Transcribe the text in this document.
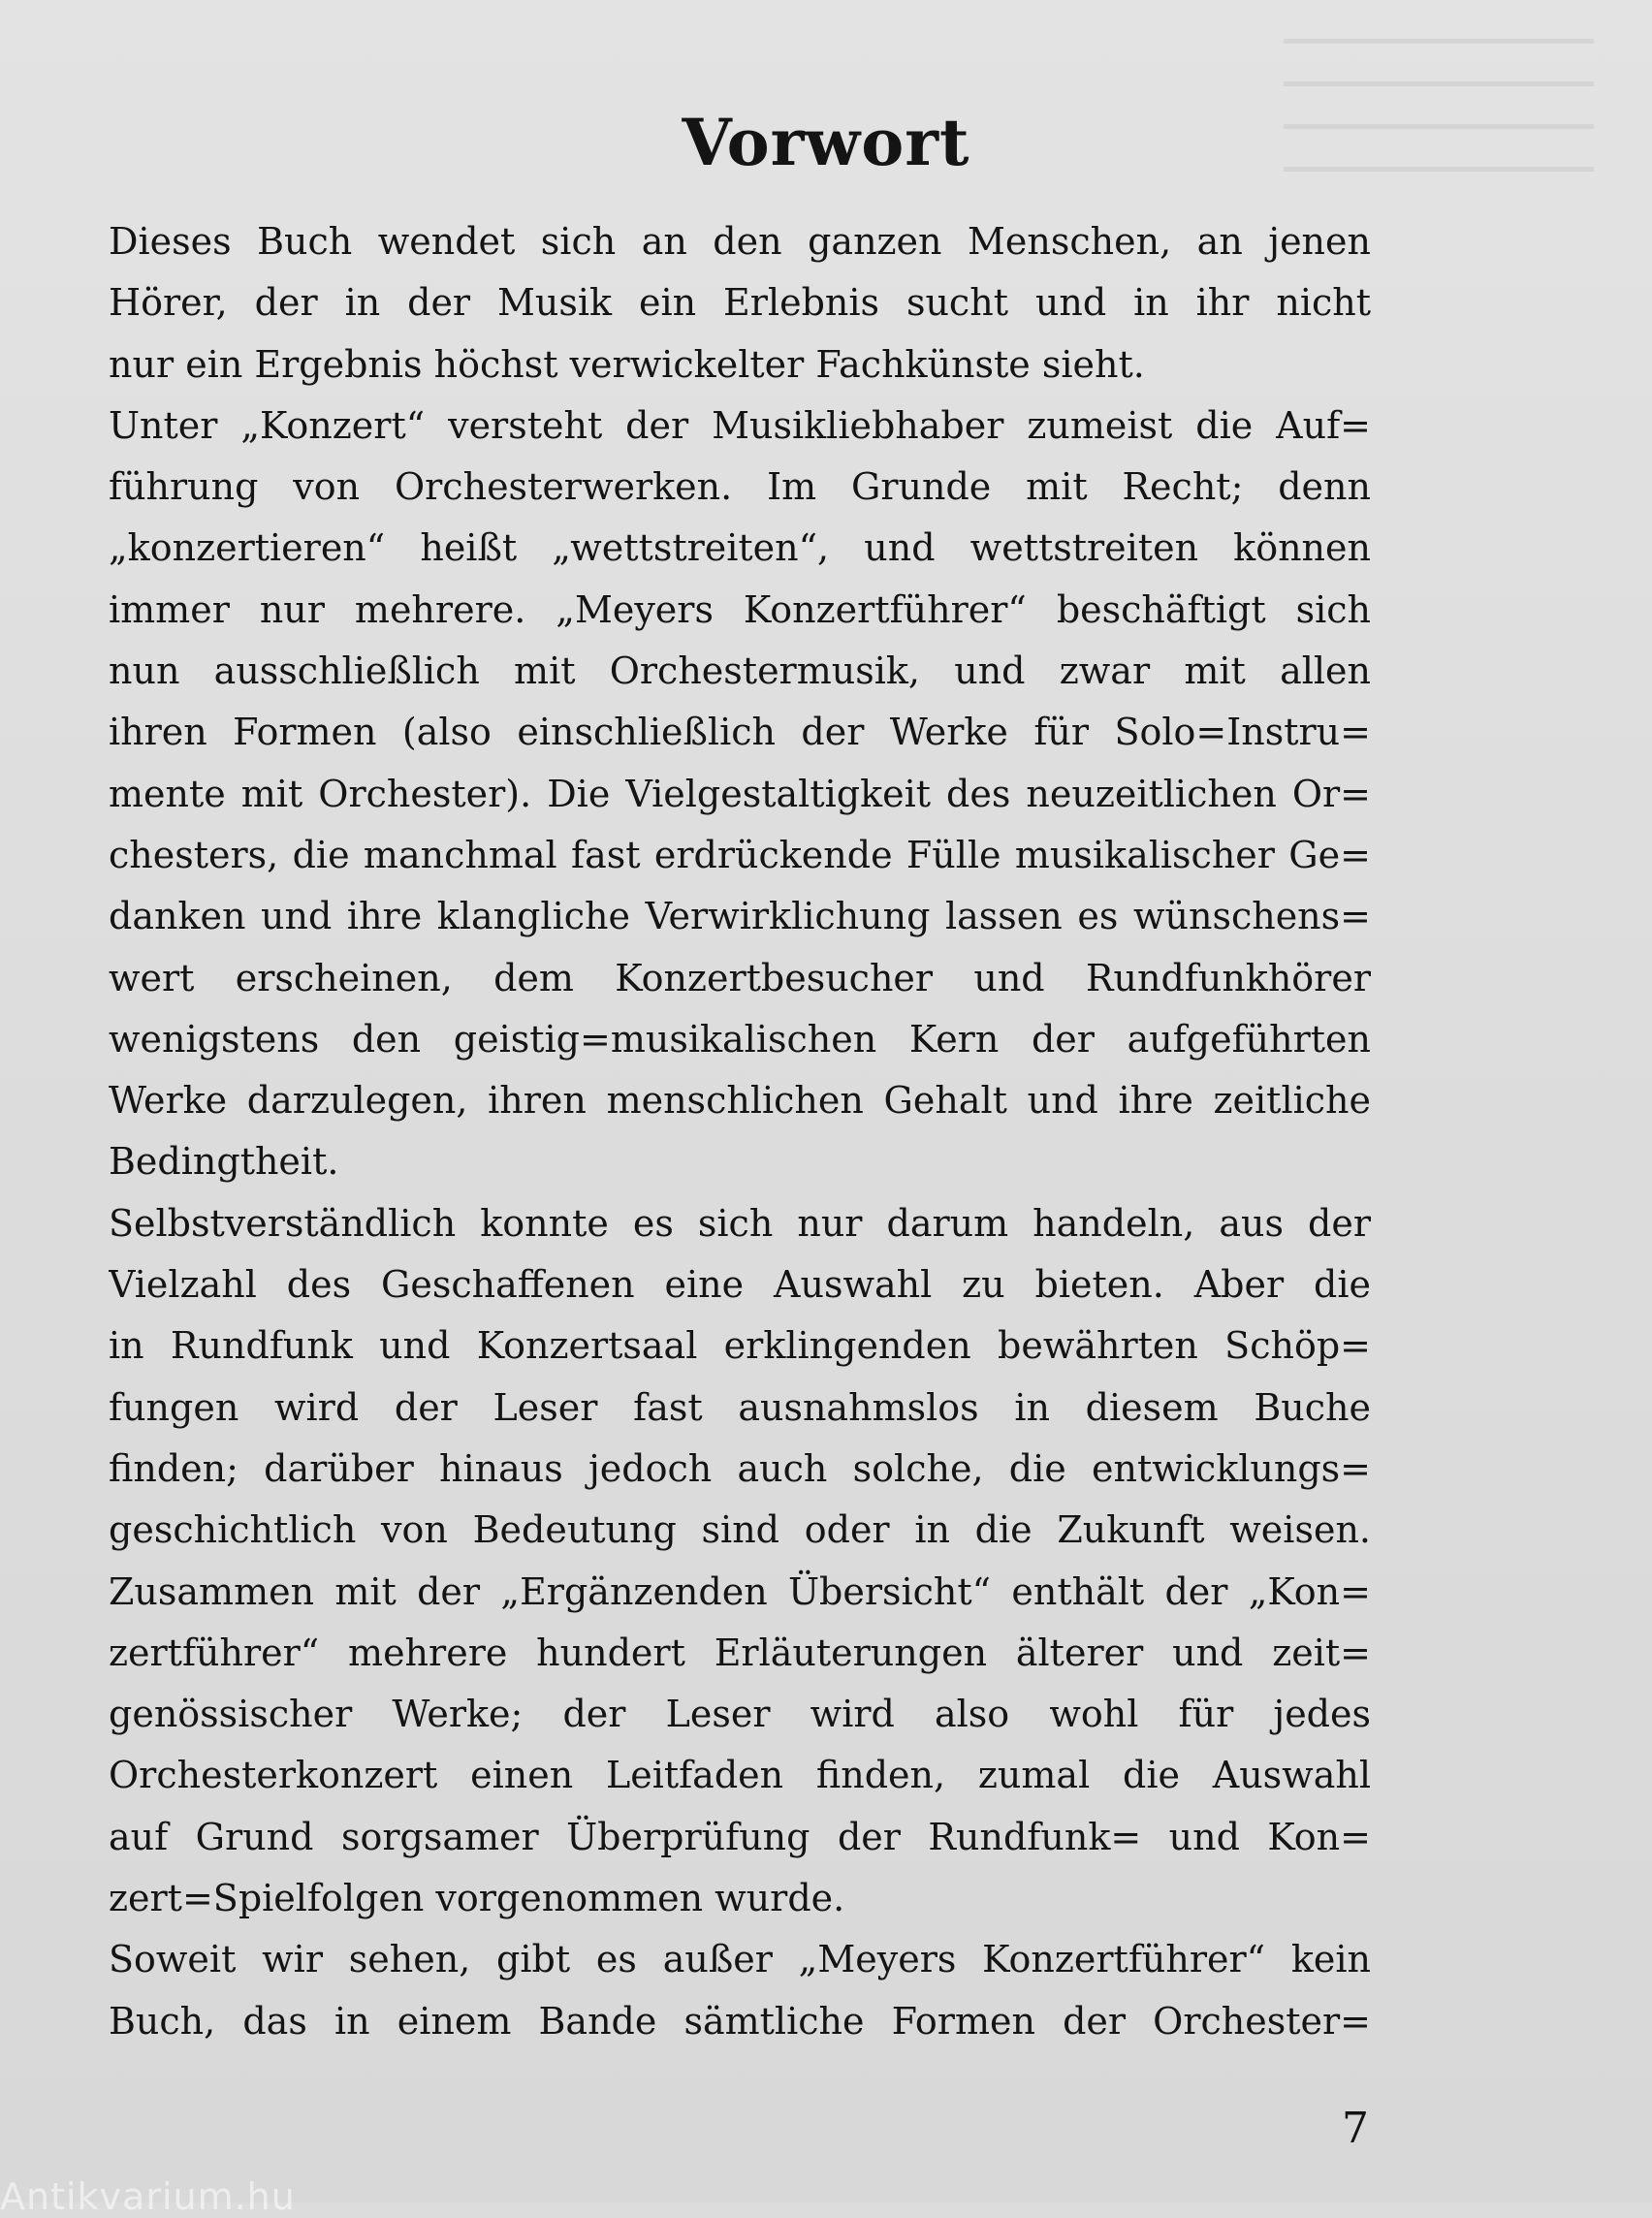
Vorwort
Dieses Buch wendet sich an den ganzen Menschen, an jenen
Hörer, der in der Musik ein Erlebnis sucht und in ihr nicht
nur ein Ergebnis höchst verwickelter Fachkünste sieht.
Unter „Konzert“ versteht der Musikliebhaber zumeist die Auf=
führung von Orchesterwerken. Im Grunde mit Recht; denn
„konzertieren“ heißt „wettstreiten“, und wettstreiten können
immer nur mehrere. „Meyers Konzertführer“ beschäftigt sich
nun ausschließlich mit Orchestermusik, und zwar mit allen
ihren Formen (also einschließlich der Werke für Solo=Instru=
mente mit Orchester). Die Vielgestaltigkeit des neuzeitlichen Or=
chesters, die manchmal fast erdrückende Fülle musikalischer Ge=
danken und ihre klangliche Verwirklichung lassen es wünschens=
wert erscheinen, dem Konzertbesucher und Rundfunkhörer
wenigstens den geistig=musikalischen Kern der aufgeführten
Werke darzulegen, ihren menschlichen Gehalt und ihre zeitliche
Bedingtheit.
Selbstverständlich konnte es sich nur darum handeln, aus der
Vielzahl des Geschaffenen eine Auswahl zu bieten. Aber die
in Rundfunk und Konzertsaal erklingenden bewährten Schöp=
fungen wird der Leser fast ausnahmslos in diesem Buche
finden; darüber hinaus jedoch auch solche, die entwicklungs=
geschichtlich von Bedeutung sind oder in die Zukunft weisen.
Zusammen mit der „Ergänzenden Übersicht“ enthält der „Kon=
zertführer“ mehrere hundert Erläuterungen älterer und zeit=
genössischer Werke; der Leser wird also wohl für jedes
Orchesterkonzert einen Leitfaden finden, zumal die Auswahl
auf Grund sorgsamer Überprüfung der Rundfunk= und Kon=
zert=Spielfolgen vorgenommen wurde.
Soweit wir sehen, gibt es außer „Meyers Konzertführer“ kein
Buch, das in einem Bande sämtliche Formen der Orchester=
7
Antikvarium.hu
